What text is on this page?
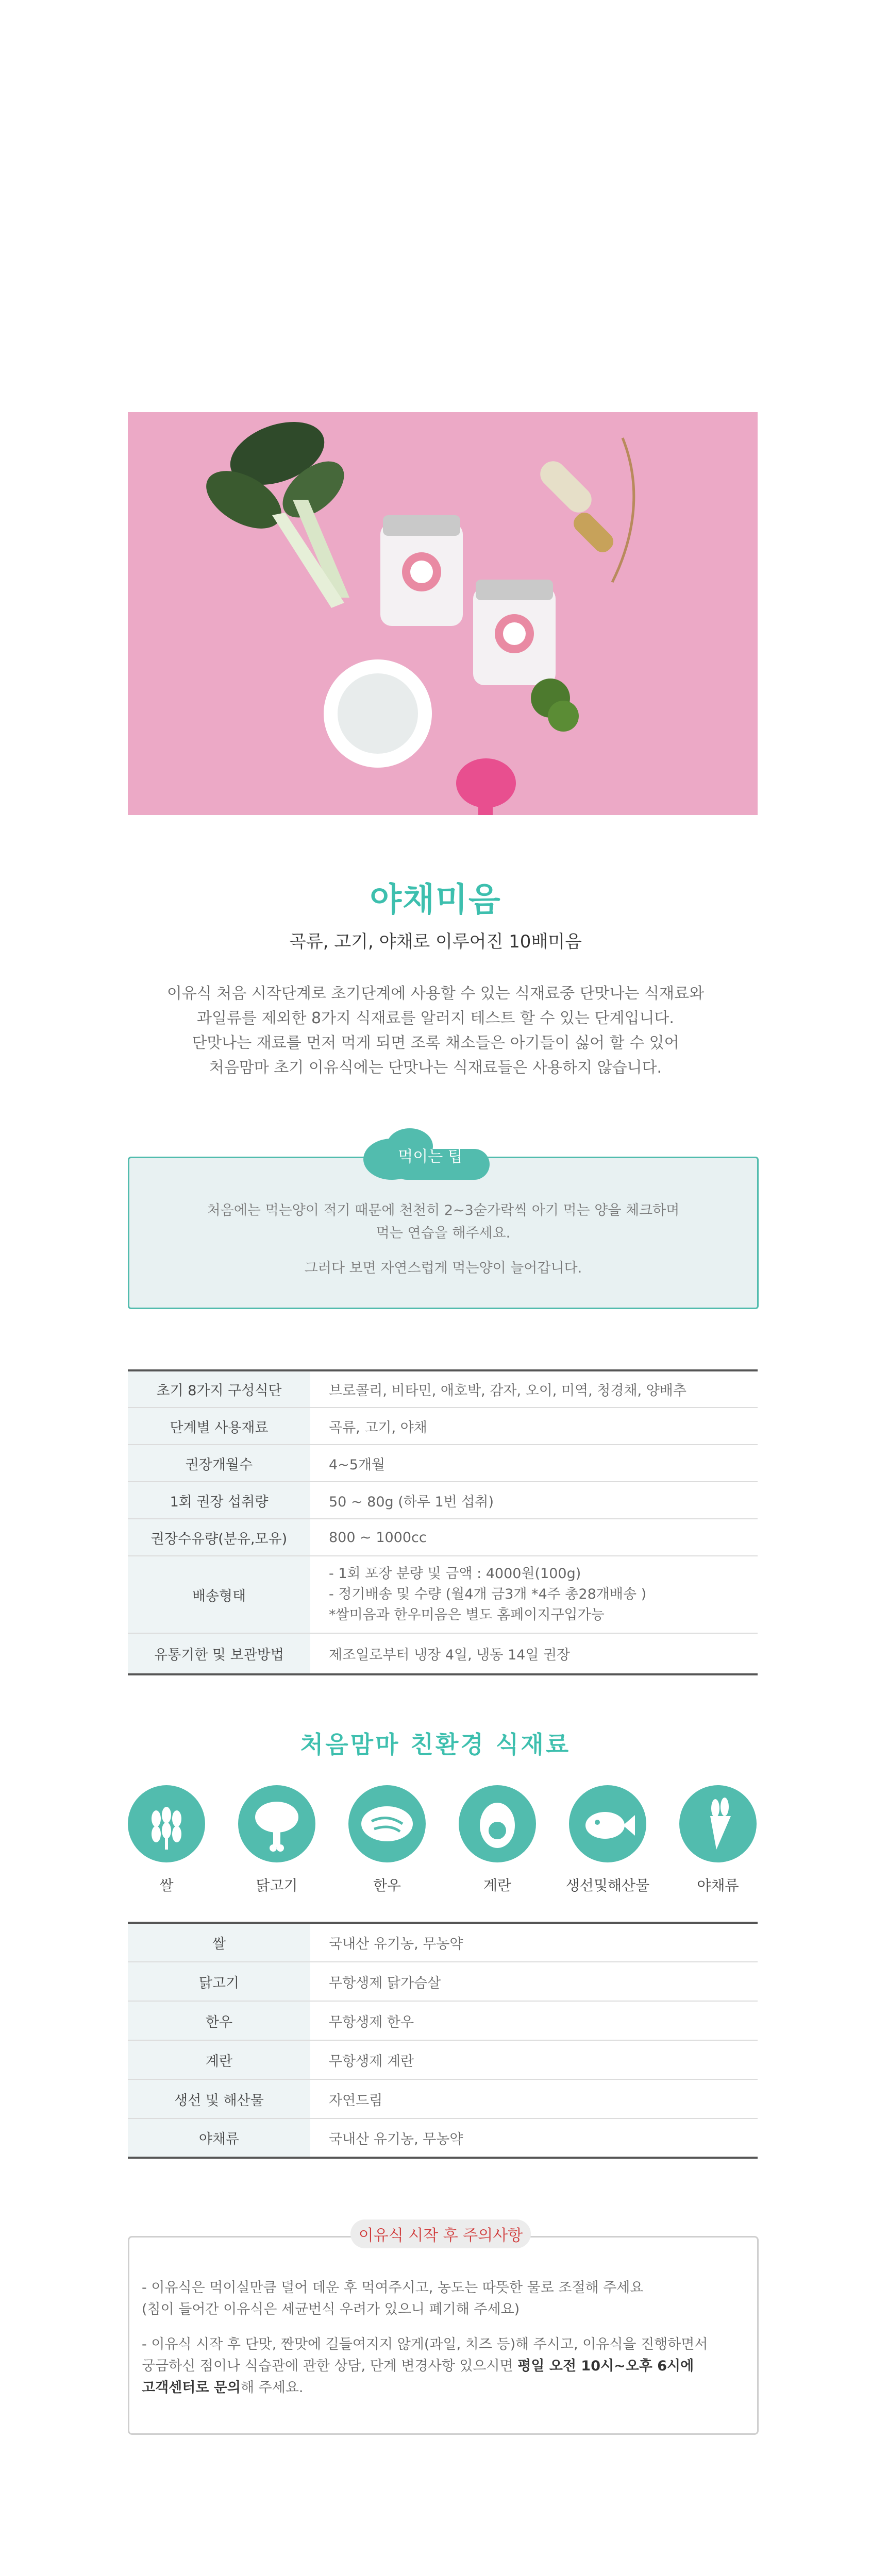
야채미음
곡류, 고기, 야채로 이루어진 10배미음
이유식 처음 시작단계로 초기단계에 사용할 수 있는 식재료중 단맛나는 식재료와
과일류를 제외한 8가지 식재료를 알러지 테스트 할 수 있는 단계입니다.
단맛나는 재료를 먼저 먹게 되면 조록 채소들은 아기들이 싫어 할 수 있어
처음맘마 초기 이유식에는 단맛나는 식재료들은 사용하지 않습니다.
먹이는 팁
처음에는 먹는양이 적기 때문에 천천히 2~3숟가락씩 아기 먹는 양을 체크하며
먹는 연습을 해주세요.
그러다 보면 자연스럽게 먹는양이 늘어갑니다.
초기 8가지 구성식단	브로콜리, 비타민, 애호박, 감자, 오이, 미역, 청경채, 양배추
단계별 사용재료	곡류, 고기, 야채
권장개월수	4~5개월
1회 권장 섭취량	50 ~ 80g (하루 1번 섭취)
권장수유량(분유,모유)	800 ~ 1000cc
배송형태	- 1회 포장 분량 및 금액 : 4000원(100g)
- 정기배송 및 수량 (월4개 금3개 *4주 총28개배송 )
*쌀미음과 한우미음은 별도 홈페이지구입가능

유통기한 및 보관방법	제조일로부터 냉장 4일, 냉동 14일 권장
처음맘마 친환경 식재료
쌀	닭고기	한우	계란	생선및해산물	야채류
쌀	국내산 유기농, 무농약
닭고기	무항생제 닭가슴살
한우	무항생제 한우
계란	무항생제 계란
생선 및 해산물	자연드림
야채류	국내산 유기농, 무농약
이유식 시작 후 주의사항
- 이유식은 먹이실만큼 덜어 데운 후 먹여주시고, 농도는 따뜻한 물로 조절해 주세요
(침이 들어간 이유식은 세균번식 우려가 있으니 폐기해 주세요)
- 이유식 시작 후 단맛, 짠맛에 길들여지지 않게(과일, 치즈 등)해 주시고, 이유식을 진행하면서
궁금하신 점이나 식습관에 관한 상담, 단계 변경사항 있으시면 평일 오전 10시~오후 6시에
고객센터로 문의해 주세요.
